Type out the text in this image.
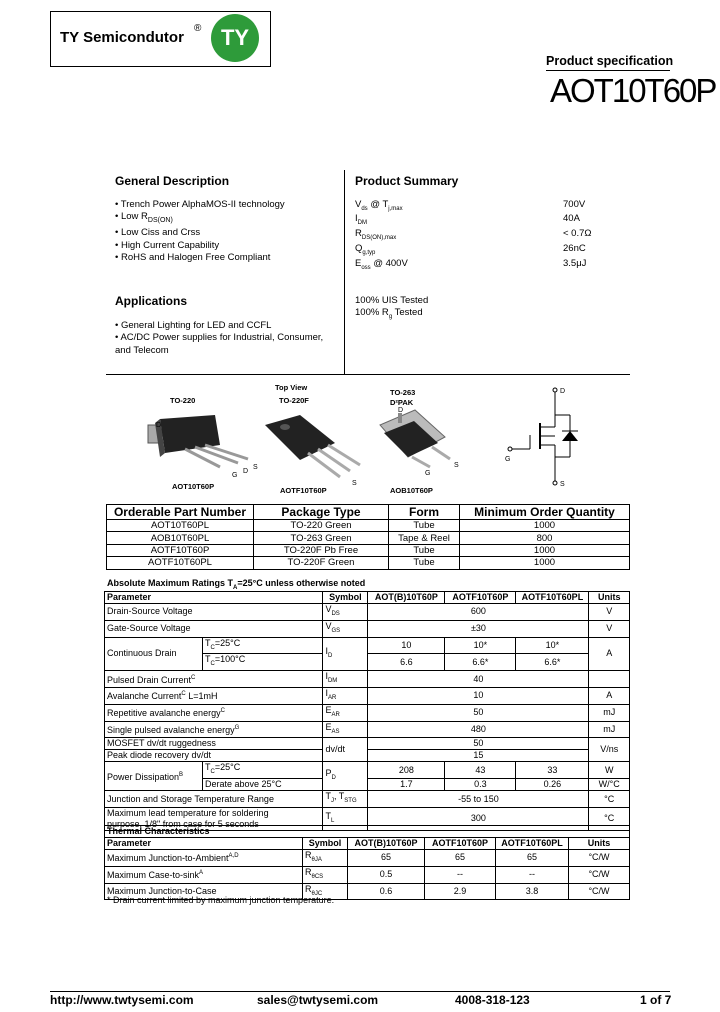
TY Semicondutor
® TY
Product specification
AOT10T60P
General Description
• Trench Power AlphaMOS-II technology
• Low $R_{DS(ON)}$
• Low Ciss and Crss
• High Current Capability
• RoHS and Halogen Free Compliant
Applications
• General Lighting for LED and CCFL
• AC/DC Power supplies for Industrial, Consumer,
and Telecom
Product Summary
$V_{ds}$ @ $T_{j,max}$	700V
$I_{DM}$	40A
$R_{DS(ON),max}$	< 0.7Ω
$Q_{g,typ}$	26nC
$E_{oss}$ @ 400V	3.5μJ
100% UIS Tested
100% $R_g$ Tested
TO-220
Top View
TO-220F
TO-263
D²PAK
D
G
D
S
S
D
G
S
AOT10T60P	AOTF10T60P	AOB10T60P
D
S
G
Orderable Part Number	Package Type	Form	Minimum Order Quantity
AOT10T60PL	TO-220 Green	Tube	1000
AOB10T60PL	TO-263 Green	Tape & Reel	800
AOTF10T60P	TO-220F Pb Free	Tube	1000
AOTF10T60PL	TO-220F Green	Tube	1000
Absolute Maximum Ratings $T_A=25^\circ C$ unless otherwise noted
Parameter		Symbol	AOT(B)10T60P	AOTF10T60P	AOTF10T60PL	Units
Drain-Source Voltage		$V_{DS}$	600			V
Gate-Source Voltage		$V_{GS}$	±30			V
Continuous Drain	$T_C=25^\circ C$	$I_D$	10	10*	10*	A
	$T_C=100^\circ C$		6.6	6.6*	6.6*	
Pulsed Drain Current$^C$		$I_{DM}$	40			
Avalanche Current$^C$ L=1mH		$I_{AR}$	10			A
Repetitive avalanche energy$^C$		$E_{AR}$	50			mJ
Single pulsed avalanche energy$^G$		$E_{AS}$	480			mJ
MOSFET dv/dt ruggedness		dv/dt	50			V/ns
Peak diode recovery dv/dt			15			
Power Dissipation$^B$	$T_C=25^\circ C$	$P_D$	208	43	33	W
	Derate above 25°C		1.7	0.3	0.26	W/°C
Junction and Storage Temperature Range		$T_J$, $T_{STG}$	-55 to 150			°C

Maximum lead temperature for soldering
purpose, 1/8" from case for 5 seconds		$T_L$	300			°C
Thermal Characteristics					
Parameter	Symbol	AOT(B)10T60P	AOTF10T60P	AOTF10T60PL	Units
Maximum Junction-to-Ambient$^{A,D}$	$R_{\theta JA}$	65	65	65	°C/W
Maximum Case-to-sink$^A$	$R_{\theta CS}$	0.5	--	--	°C/W
Maximum Junction-to-Case	$R_{\theta JC}$	0.6	2.9	3.8	°C/W
* Drain current limited by maximum junction temperature.
http://www.twtysemi.com	sales@twtysemi.com	4008-318-123	1 of 7
